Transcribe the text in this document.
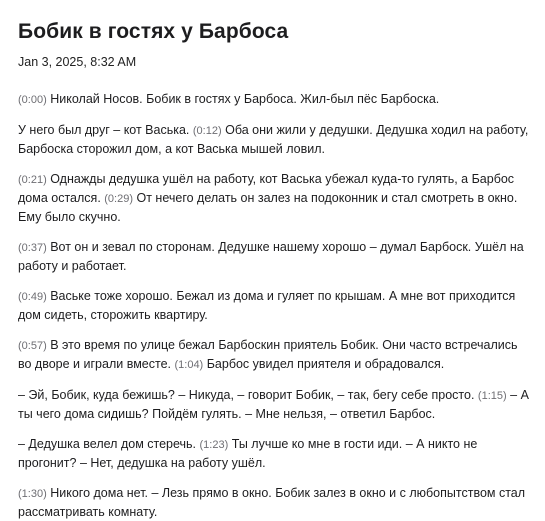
Бобик в гостях у Барбоса
Jan 3, 2025, 8:32 AM

(0:00) Николай Носов. Бобик в гостях у Барбоса. Жил-был пёс Барбоска.

У него был друг – кот Васька. (0:12) Оба они жили у дедушки. Дедушка ходил на работу, Барбоска сторожил дом, а кот Васька мышей ловил.

(0:21) Однажды дедушка ушёл на работу, кот Васька убежал куда-то гулять, а Барбос дома остался. (0:29) От нечего делать он залез на подоконник и стал смотреть в окно. Ему было скучно.

(0:37) Вот он и зевал по сторонам. Дедушке нашему хорошо – думал Барбоск. Ушёл на работу и работает.

(0:49) Ваське тоже хорошо. Бежал из дома и гуляет по крышам. А мне вот приходится дом сидеть, сторожить квартиру.

(0:57) В это время по улице бежал Барбоскин приятель Бобик. Они часто встречались во дворе и играли вместе. (1:04) Барбос увидел приятеля и обрадовался.

– Эй, Бобик, куда бежишь? – Никуда, – говорит Бобик, – так, бегу себе просто. (1:15) – А ты чего дома сидишь? Пойдём гулять. – Мне нельзя, – ответил Барбос.

– Дедушка велел дом стеречь. (1:23) Ты лучше ко мне в гости иди. – А никто не прогонит? – Нет, дедушка на работу ушёл.

(1:30) Никого дома нет. – Лезь прямо в окно. Бобик залез в окно и с любопытством стал рассматривать комнату.
